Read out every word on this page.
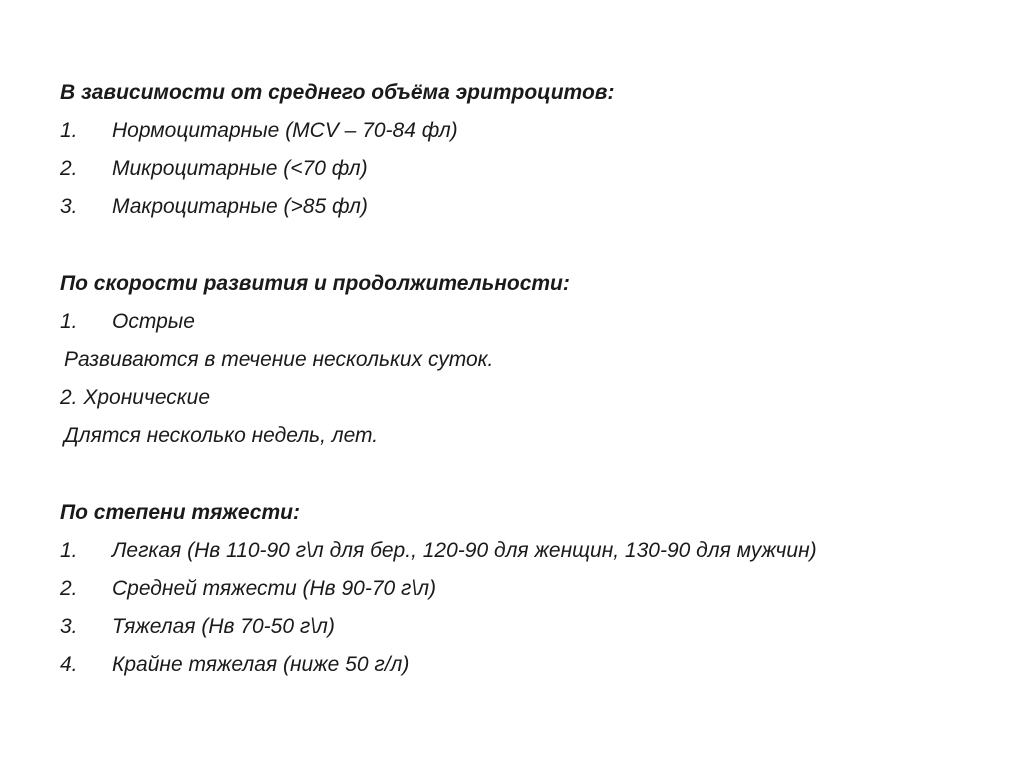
В зависимости от среднего объёма эритроцитов:
1. Нормоцитарные (MCV – 70-84 фл)
2. Микроцитарные (<70 фл)
3. Макроцитарные (>85 фл)
По скорости развития и продолжительности:
1. Острые
Развиваются в течение нескольких суток.
2. Хронические
Длятся несколько недель, лет.
По степени тяжести:
1. Легкая (Нв 110-90 г\л для бер., 120-90 для женщин, 130-90 для мужчин)
2. Средней тяжести (Нв 90-70 г\л)
3. Тяжелая (Нв 70-50 г\л)
4. Крайне тяжелая (ниже 50 г/л)
